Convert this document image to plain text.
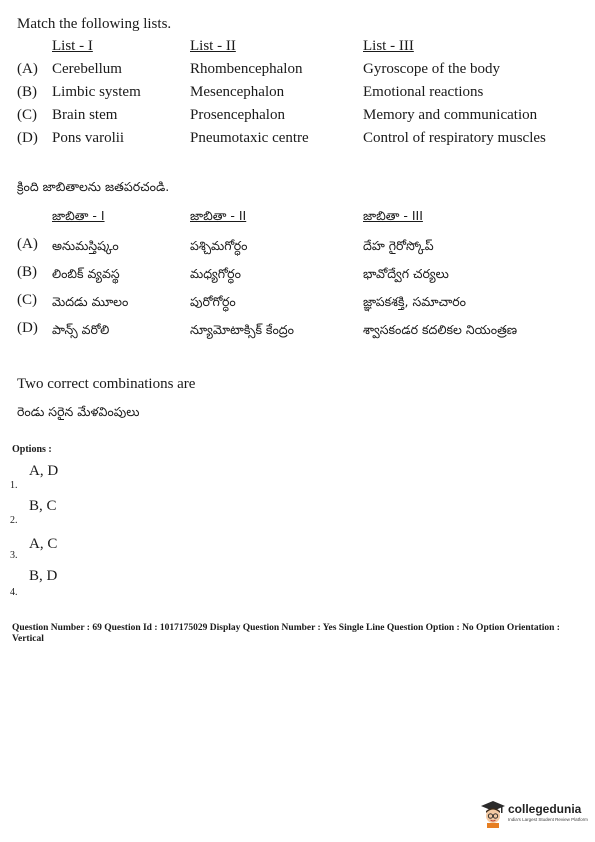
Match the following lists.
List - I	List - II	List - III
(A) Cerebellum	Rhombencephalon	Gyroscope of the body
(B) Limbic system	Mesencephalon	Emotional reactions
(C) Brain stem	Prosencephalon	Memory and communication
(D) Pons varolii	Pneumotaxic centre	Control of respiratory muscles
క్రింది జాబితాలను జతపరచండి.
జాబితా - I	జాబితా - II	జాబితా - III
(A) అనుమస్తిష్కం	పశ్చిమగోర్ధం	దేహ గైరోస్కోప్
(B) లింబిక్ వ్యవస్థ	మధ్యగోర్ధం	భావోద్వేగ చర్యలు
(C) మెదడు మూలం	పురోగోర్ధం	జ్ఞాపకశక్తి, సమాచారం
(D) పాన్స్ వరోలి	న్యూమోటాక్సిక్ కేంద్రం	శ్వాసకండర కదలికల నియంత్రణ
Two correct combinations are
రెండు సరైన మేళవింపులు
Options :
A, D
1.
B, C
2.
A, C
3.
B, D
4.
Question Number : 69 Question Id : 1017175029 Display Question Number : Yes Single Line Question Option : No Option Orientation : Vertical
collegedunia
India's Largest Student Review Platform
